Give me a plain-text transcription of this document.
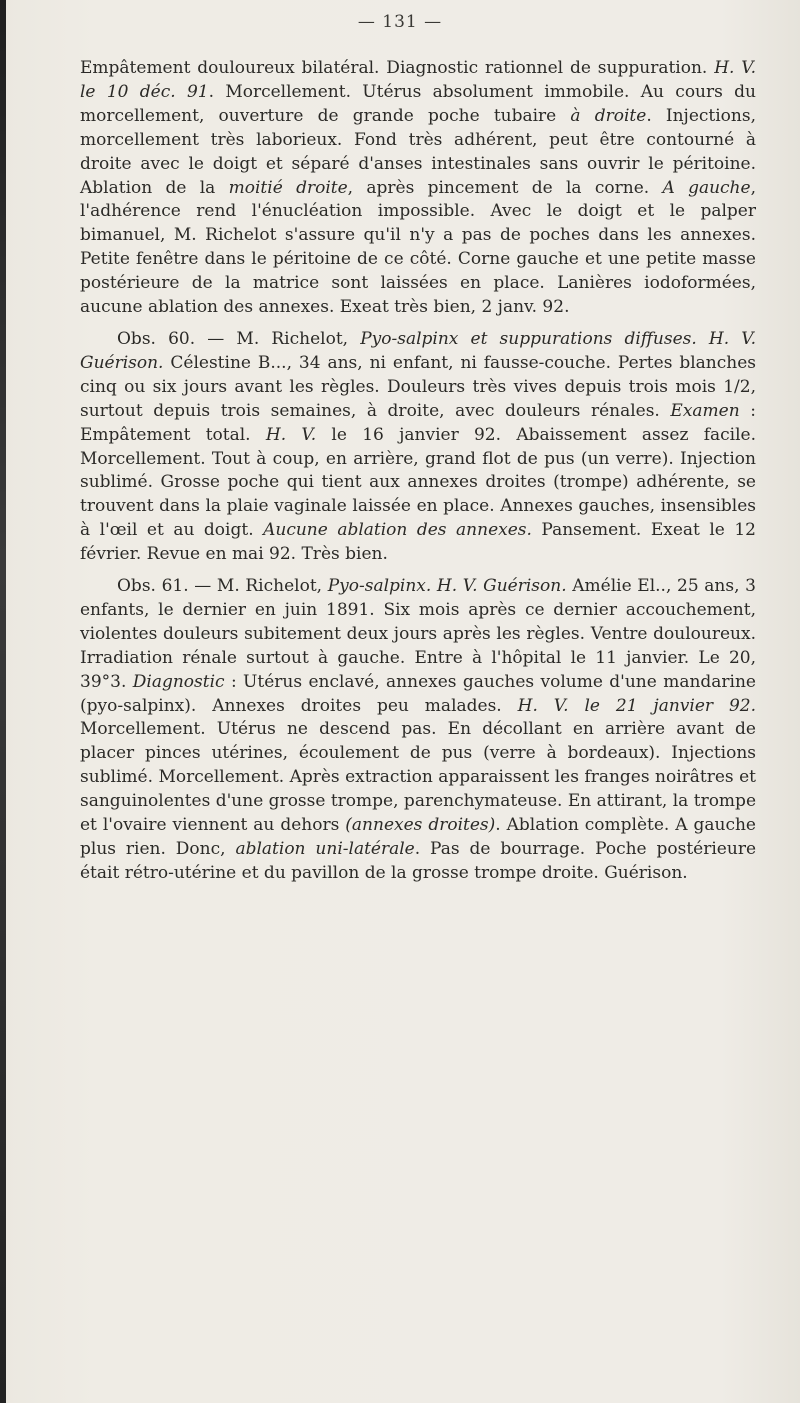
— 131 —

Empâtement douloureux bilatéral. Diagnostic rationnel de suppuration. H. V. le 10 déc. 91. Morcellement. Utérus absolument immobile. Au cours du morcellement, ouverture de grande poche tubaire à droite. Injections, morcellement très laborieux. Fond très adhérent, peut être contourné à droite avec le doigt et séparé d'anses intestinales sans ouvrir le péritoine. Ablation de la moitié droite, après pincement de la corne. A gauche, l'adhérence rend l'énucléation impossible. Avec le doigt et le palper bimanuel, M. Richelot s'assure qu'il n'y a pas de poches dans les annexes. Petite fenêtre dans le péritoine de ce côté. Corne gauche et une petite masse postérieure de la matrice sont laissées en place. Lanières iodoformées, aucune ablation des annexes. Exeat très bien, 2 janv. 92.

Obs. 60. — M. Richelot, Pyo-salpinx et suppurations diffuses. H. V. Guérison. Célestine B..., 34 ans, ni enfant, ni fausse-couche. Pertes blanches cinq ou six jours avant les règles. Douleurs très vives depuis trois mois 1/2, surtout depuis trois semaines, à droite, avec douleurs rénales. Examen : Empâtement total. H. V. le 16 janvier 92. Abaissement assez facile. Morcellement. Tout à coup, en arrière, grand flot de pus (un verre). Injection sublimé. Grosse poche qui tient aux annexes droites (trompe) adhérente, se trouvent dans la plaie vaginale laissée en place. Annexes gauches, insensibles à l'œil et au doigt. Aucune ablation des annexes. Pansement. Exeat le 12 février. Revue en mai 92. Très bien.

Obs. 61. — M. Richelot, Pyo-salpinx. H. V. Guérison. Amélie El.., 25 ans, 3 enfants, le dernier en juin 1891. Six mois après ce dernier accouchement, violentes douleurs subitement deux jours après les règles. Ventre douloureux. Irradiation rénale surtout à gauche. Entre à l'hôpital le 11 janvier. Le 20, 39°3. Diagnostic : Utérus enclavé, annexes gauches volume d'une mandarine (pyo-salpinx). Annexes droites peu malades. H. V. le 21 janvier 92. Morcellement. Utérus ne descend pas. En décollant en arrière avant de placer pinces utérines, écoulement de pus (verre à bordeaux). Injections sublimé. Morcellement. Après extraction apparaissent les franges noirâtres et sanguinolentes d'une grosse trompe, parenchymateuse. En attirant, la trompe et l'ovaire viennent au dehors (annexes droites). Ablation complète. A gauche plus rien. Donc, ablation uni-latérale. Pas de bourrage. Poche postérieure était rétro-utérine et du pavillon de la grosse trompe droite. Guérison.
